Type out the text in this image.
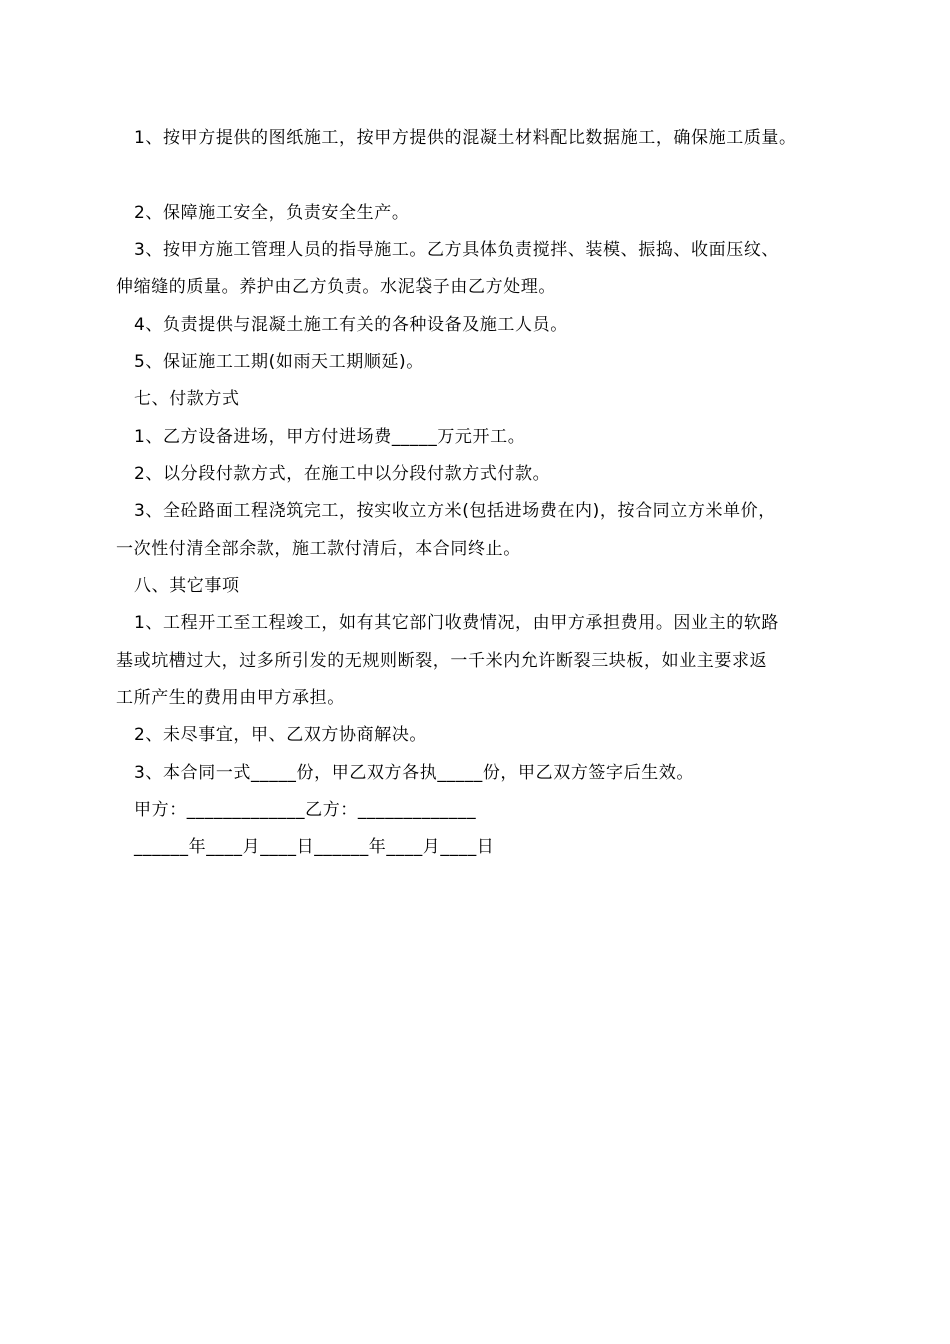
1、按甲方提供的图纸施工，按甲方提供的混凝土材料配比数据施工，确保施工质量。
2、保障施工安全，负责安全生产。
3、按甲方施工管理人员的指导施工。乙方具体负责搅拌、装模、振捣、收面压纹、
伸缩缝的质量。养护由乙方负责。水泥袋子由乙方处理。
4、负责提供与混凝土施工有关的各种设备及施工人员。
5、保证施工工期(如雨天工期顺延)。
七、付款方式
1、乙方设备进场，甲方付进场费_____万元开工。
2、以分段付款方式，在施工中以分段付款方式付款。
3、全砼路面工程浇筑完工，按实收立方米(包括进场费在内)，按合同立方米单价，
一次性付清全部余款，施工款付清后，本合同终止。
八、其它事项
1、工程开工至工程竣工，如有其它部门收费情况，由甲方承担费用。因业主的软路
基或坑槽过大，过多所引发的无规则断裂，一千米内允许断裂三块板，如业主要求返
工所产生的费用由甲方承担。
2、未尽事宜，甲、乙双方协商解决。
3、本合同一式_____份，甲乙双方各执_____份，甲乙双方签字后生效。
甲方：_____________乙方：_____________
______年____月____日______年____月____日
